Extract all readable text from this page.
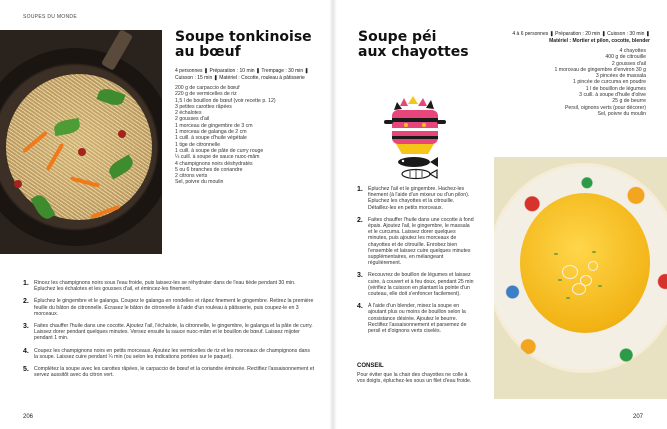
SOUPES DU MONDE
Soupe tonkinoise
au bœuf
4 personnes ❚ Préparation : 10 min ❚ Trempage : 30 min ❚
Cuisson : 15 min ❚ Matériel : Cocotte, rouleau à pâtisserie
200 g de carpaccio de bœuf
220 g de vermicelles de riz
1,5 l de bouillon de bœuf (voir recette p. 12)
3 petites carottes râpées
2 échalotes
2 gousses d'ail
1 morceau de gingembre de 3 cm
1 morceau de galanga de 2 cm
1 cuill. à soupe d'huile végétale
1 tige de citronnelle
1 cuill. à soupe de pâte de curry rouge
¼ cuill. à soupe de sauce nuoc-mâm
4 champignons noirs déshydratés
5 ou 6 branches de coriandre
2 citrons verts
Sel, poivre du moulin
1. Rincez les champignons noirs sous l'eau froide, puis laissez-les se réhydrater dans de l'eau tiède pendant 30 min. Épluchez les échalotes et les gousses d'ail, et émincez-les finement.
2. Épluchez le gingembre et le galanga. Coupez le galanga en rondelles et râpez finement le gingembre. Retirez la première feuille du bâton de citronnelle. Écrasez le bâton de citronnelle à l'aide d'un rouleau à pâtisserie, puis coupez-le en 3 morceaux.
3. Faites chauffer l'huile dans une cocotte. Ajoutez l'ail, l'échalote, la citronnelle, le gingembre, le galanga et la pâte de curry. Laissez dorer pendant quelques minutes. Versez ensuite la sauce nuoc-mâm et le bouillon de bœuf. Laissez mijoter pendant 1 min.
4. Coupez les champignons noirs en petits morceaux. Ajoutez les vermicelles de riz et les morceaux de champignons dans la soupe. Laissez cuire pendant ¼ min (ou selon les indications portées sur le paquet).
5. Complétez la soupe avec les carottes râpées, le carpaccio de bœuf et la coriandre émincée. Rectifiez l'assaisonnement et servez aussitôt avec du citron vert.
206
Soupe péi
aux chayottes
4 à 6 personnes ❚ Préparation : 20 min ❚ Cuisson : 30 min ❚
Matériel : Mortier et pilon, cocotte, blender
4 chayottes
400 g de citrouille
2 gousses d'ail
1 morceau de gingembre d'environ 30 g
3 pincées de massala
1 pincée de curcuma en poudre
1 l de bouillon de légumes
3 cuill. à soupe d'huile d'olive
25 g de beurre
Persil, oignons verts (pour décorer)
Sel, poivre du moulin
1. Épluchez l'ail et le gingembre. Hachez-les finement (à l'aide d'un mixeur ou d'un pilon). Épluchez les chayottes et la citrouille. Détaillez-les en petits morceaux.
2. Faites chauffer l'huile dans une cocotte à fond épais. Ajoutez l'ail, le gingembre, le massala et le curcuma. Laissez dorer quelques minutes, puis ajoutez les morceaux de chayottes et de citrouille. Enrobez bien l'ensemble et laissez cuire quelques minutes supplémentaires, en mélangeant régulièrement.
3. Recouvrez de bouillon de légumes et laissez cuire, à couvert et à feu doux, pendant 25 min (vérifiez la cuisson en plantant la pointe d'un couteau, elle doit s'enfoncer facilement).
4. À l'aide d'un blender, mixez la soupe en ajoutant plus ou moins de bouillon selon la consistance désirée. Ajoutez le beurre. Rectifiez l'assaisonnement et parsemez de persil et d'oignons verts ciselés.
CONSEIL
Pour éviter que la chair des chayottes ne colle à vos doigts, épluchez-les sous un filet d'eau froide.
207
